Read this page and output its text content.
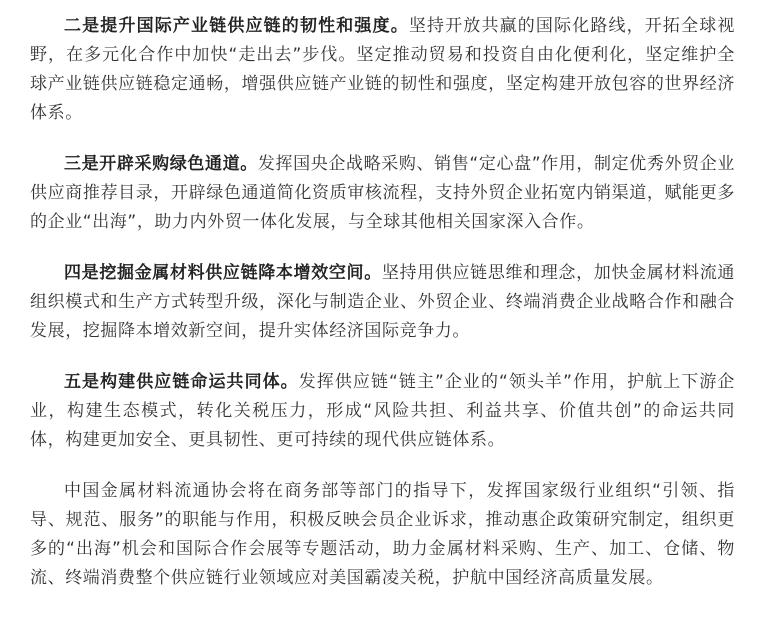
二是提升国际产业链供应链的韧性和强度。坚持开放共赢的国际化路线，开拓全球视野，在多元化合作中加快“走出去”步伐。坚定推动贸易和投资自由化便利化，坚定维护全球产业链供应链稳定通畅，增强供应链产业链的韧性和强度，坚定构建开放包容的世界经济体系。

三是开辟采购绿色通道。发挥国央企战略采购、销售“定心盘”作用，制定优秀外贸企业供应商推荐目录，开辟绿色通道简化资质审核流程，支持外贸企业拓宽内销渠道，赋能更多的企业“出海”，助力内外贸一体化发展，与全球其他相关国家深入合作。

四是挖掘金属材料供应链降本增效空间。坚持用供应链思维和理念，加快金属材料流通组织模式和生产方式转型升级，深化与制造企业、外贸企业、终端消费企业战略合作和融合发展，挖掘降本增效新空间，提升实体经济国际竞争力。

五是构建供应链命运共同体。发挥供应链“链主”企业的“领头羊”作用，护航上下游企业，构建生态模式，转化关税压力，形成“风险共担、利益共享、价值共创”的命运共同体，构建更加安全、更具韧性、更可持续的现代供应链体系。

中国金属材料流通协会将在商务部等部门的指导下，发挥国家级行业组织“引领、指导、规范、服务”的职能与作用，积极反映会员企业诉求，推动惠企政策研究制定，组织更多的“出海”机会和国际合作会展等专题活动，助力金属材料采购、生产、加工、仓储、物流、终端消费整个供应链行业领域应对美国霸凌关税，护航中国经济高质量发展。
